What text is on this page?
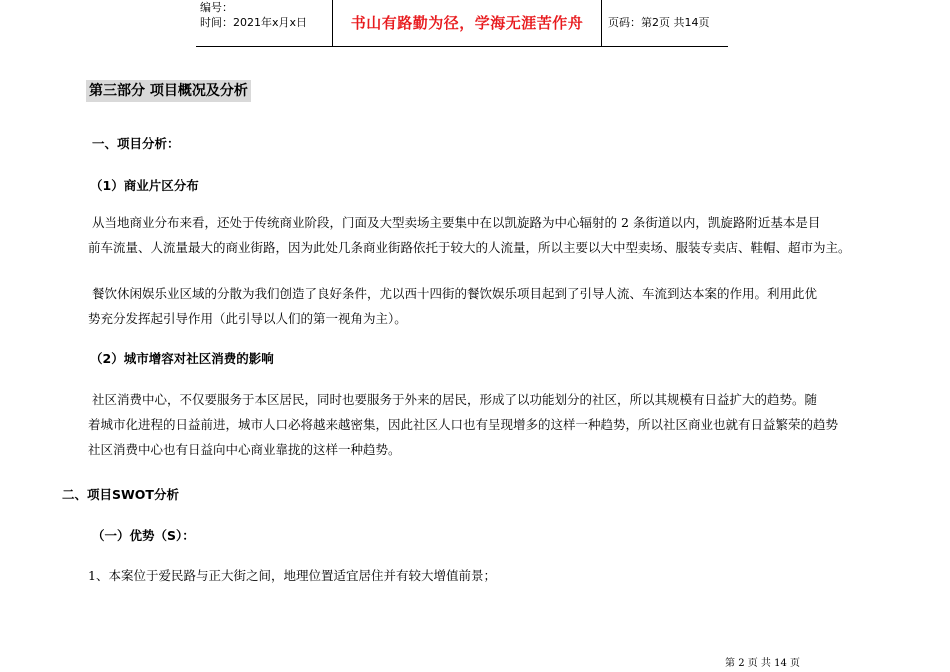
编号：
时间：2021年x月x日	书山有路勤为径，学海无涯苦作舟	页码：第2页 共14页
第三部分 项目概况及分析
一、项目分析：
（1）商业片区分布
从当地商业分布来看，还处于传统商业阶段，门面及大型卖场主要集中在以凯旋路为中心辐射的 2 条街道以内，凯旋路附近基本是目
前车流量、人流量最大的商业街路，因为此处几条商业街路依托于较大的人流量，所以主要以大中型卖场、服装专卖店、鞋帽、超市为主。
餐饮休闲娱乐业区域的分散为我们创造了良好条件，尤以西十四街的餐饮娱乐项目起到了引导人流、车流到达本案的作用。利用此优
势充分发挥起引导作用（此引导以人们的第一视角为主）。
（2）城市增容对社区消费的影响
社区消费中心，不仅要服务于本区居民，同时也要服务于外来的居民，形成了以功能划分的社区，所以其规模有日益扩大的趋势。随
着城市化进程的日益前进，城市人口必将越来越密集，因此社区人口也有呈现增多的这样一种趋势，所以社区商业也就有日益繁荣的趋势
社区消费中心也有日益向中心商业靠拢的这样一种趋势。
二、项目SWOT分析
（一）优势（S）：
1、本案位于爱民路与正大街之间，地理位置适宜居住并有较大增值前景；
第 2 页 共 14 页
